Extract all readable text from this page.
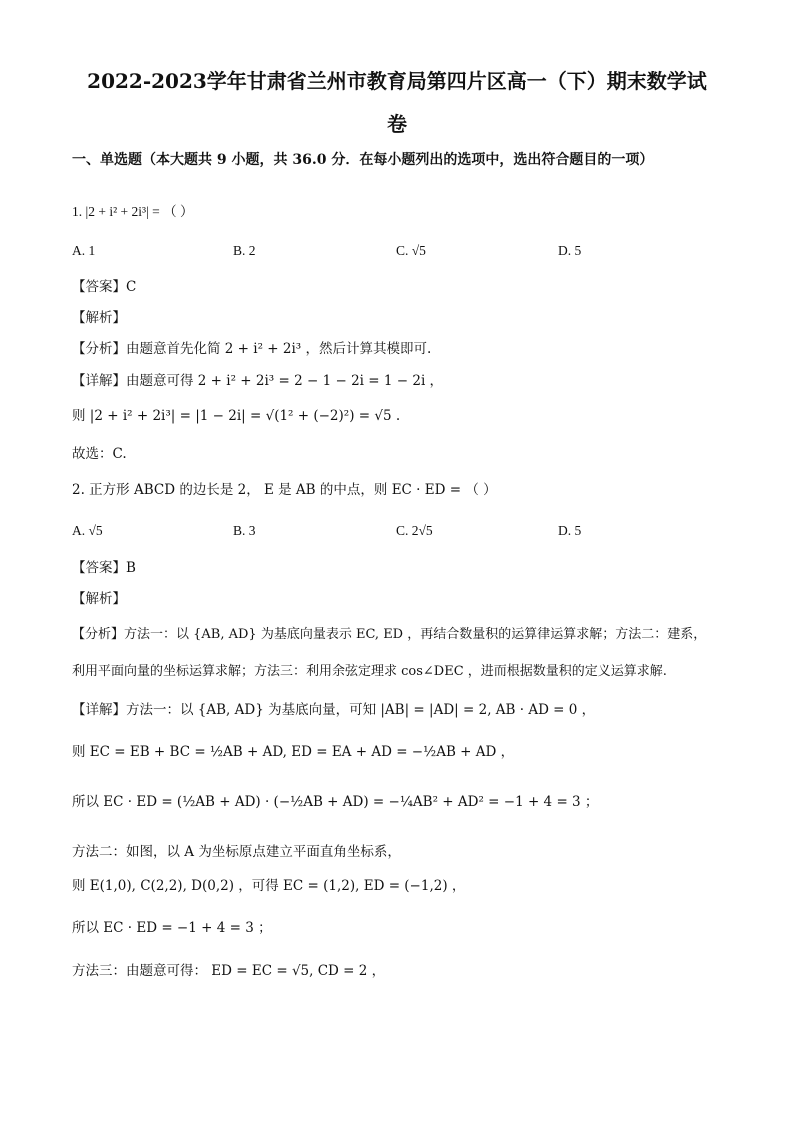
2022-2023学年甘肃省兰州市教育局第四片区高一（下）期末数学试
卷
一、单选题（本大题共 9 小题，共 36.0 分．在每小题列出的选项中，选出符合题目的一项）
1. |2 + i² + 2i³| = （ ）
A. 1	B. 2	C. √5	D. 5
【答案】C
【解析】
【分析】由题意首先化简 2 + i² + 2i³ ，然后计算其模即可.
【详解】由题意可得 2 + i² + 2i³ = 2 − 1 − 2i = 1 − 2i ，
则 |2 + i² + 2i³| = |1 − 2i| = √(1² + (−2)²) = √5 .
故选：C.
2. 正方形 ABCD 的边长是 2， E 是 AB 的中点，则 EC · ED = （ ）
A. √5	B. 3	C. 2√5	D. 5
【答案】B
【解析】
【分析】方法一：以 {AB, AD} 为基底向量表示 EC, ED ，再结合数量积的运算律运算求解；方法二：建系，
利用平面向量的坐标运算求解；方法三：利用余弦定理求 cos∠DEC ，进而根据数量积的定义运算求解.
【详解】方法一：以 {AB, AD} 为基底向量，可知 |AB| = |AD| = 2, AB · AD = 0 ，
则 EC = EB + BC = ½AB + AD, ED = EA + AD = −½AB + AD ，
所以 EC · ED = (½AB + AD) · (−½AB + AD) = −¼AB² + AD² = −1 + 4 = 3 ；
方法二：如图，以 A 为坐标原点建立平面直角坐标系，
则 E(1,0), C(2,2), D(0,2) ，可得 EC = (1,2), ED = (−1,2) ，
所以 EC · ED = −1 + 4 = 3 ；
方法三：由题意可得： ED = EC = √5, CD = 2 ，
